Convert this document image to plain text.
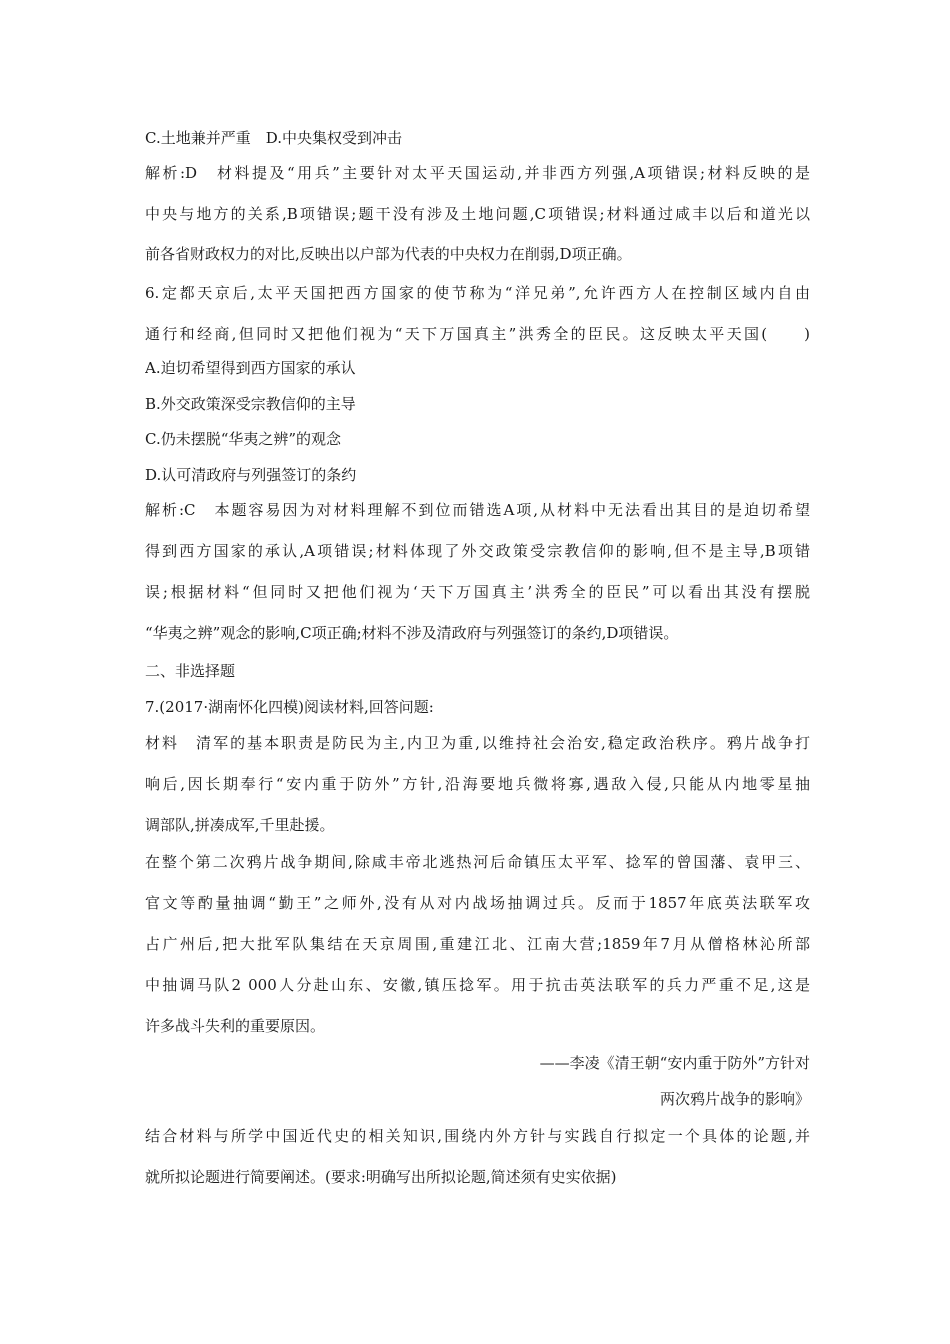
C.土地兼并严重　D.中央集权受到冲击
解析:D　材料提及“用兵”主要针对太平天国运动,并非西方列强,A项错误;材料反映的是
中央与地方的关系,B项错误;题干没有涉及土地问题,C项错误;材料通过咸丰以后和道光以
前各省财政权力的对比,反映出以户部为代表的中央权力在削弱,D项正确。
6.定都天京后,太平天国把西方国家的使节称为“洋兄弟”,允许西方人在控制区域内自由
通行和经商,但同时又把他们视为“天下万国真主”洪秀全的臣民。这反映太平天国(　　)
A.迫切希望得到西方国家的承认
B.外交政策深受宗教信仰的主导
C.仍未摆脱“华夷之辨”的观念
D.认可清政府与列强签订的条约
解析:C　本题容易因为对材料理解不到位而错选A项,从材料中无法看出其目的是迫切希望
得到西方国家的承认,A项错误;材料体现了外交政策受宗教信仰的影响,但不是主导,B项错
误;根据材料“但同时又把他们视为‘天下万国真主’洪秀全的臣民”可以看出其没有摆脱
“华夷之辨”观念的影响,C项正确;材料不涉及清政府与列强签订的条约,D项错误。
二、非选择题
7.(2017·湖南怀化四模)阅读材料,回答问题:
材料　清军的基本职责是防民为主,内卫为重,以维持社会治安,稳定政治秩序。鸦片战争打
响后,因长期奉行“安内重于防外”方针,沿海要地兵微将寡,遇敌入侵,只能从内地零星抽
调部队,拼凑成军,千里赴援。
在整个第二次鸦片战争期间,除咸丰帝北逃热河后命镇压太平军、捻军的曾国藩、袁甲三、
官文等酌量抽调“勤王”之师外,没有从对内战场抽调过兵。反而于1857年底英法联军攻
占广州后,把大批军队集结在天京周围,重建江北、江南大营;1859年7月从僧格林沁所部
中抽调马队2 000人分赴山东、安徽,镇压捻军。用于抗击英法联军的兵力严重不足,这是
许多战斗失利的重要原因。
——李凌《清王朝“安内重于防外”方针对
两次鸦片战争的影响》
结合材料与所学中国近代史的相关知识,围绕内外方针与实践自行拟定一个具体的论题,并
就所拟论题进行简要阐述。(要求:明确写出所拟论题,简述须有史实依据)
